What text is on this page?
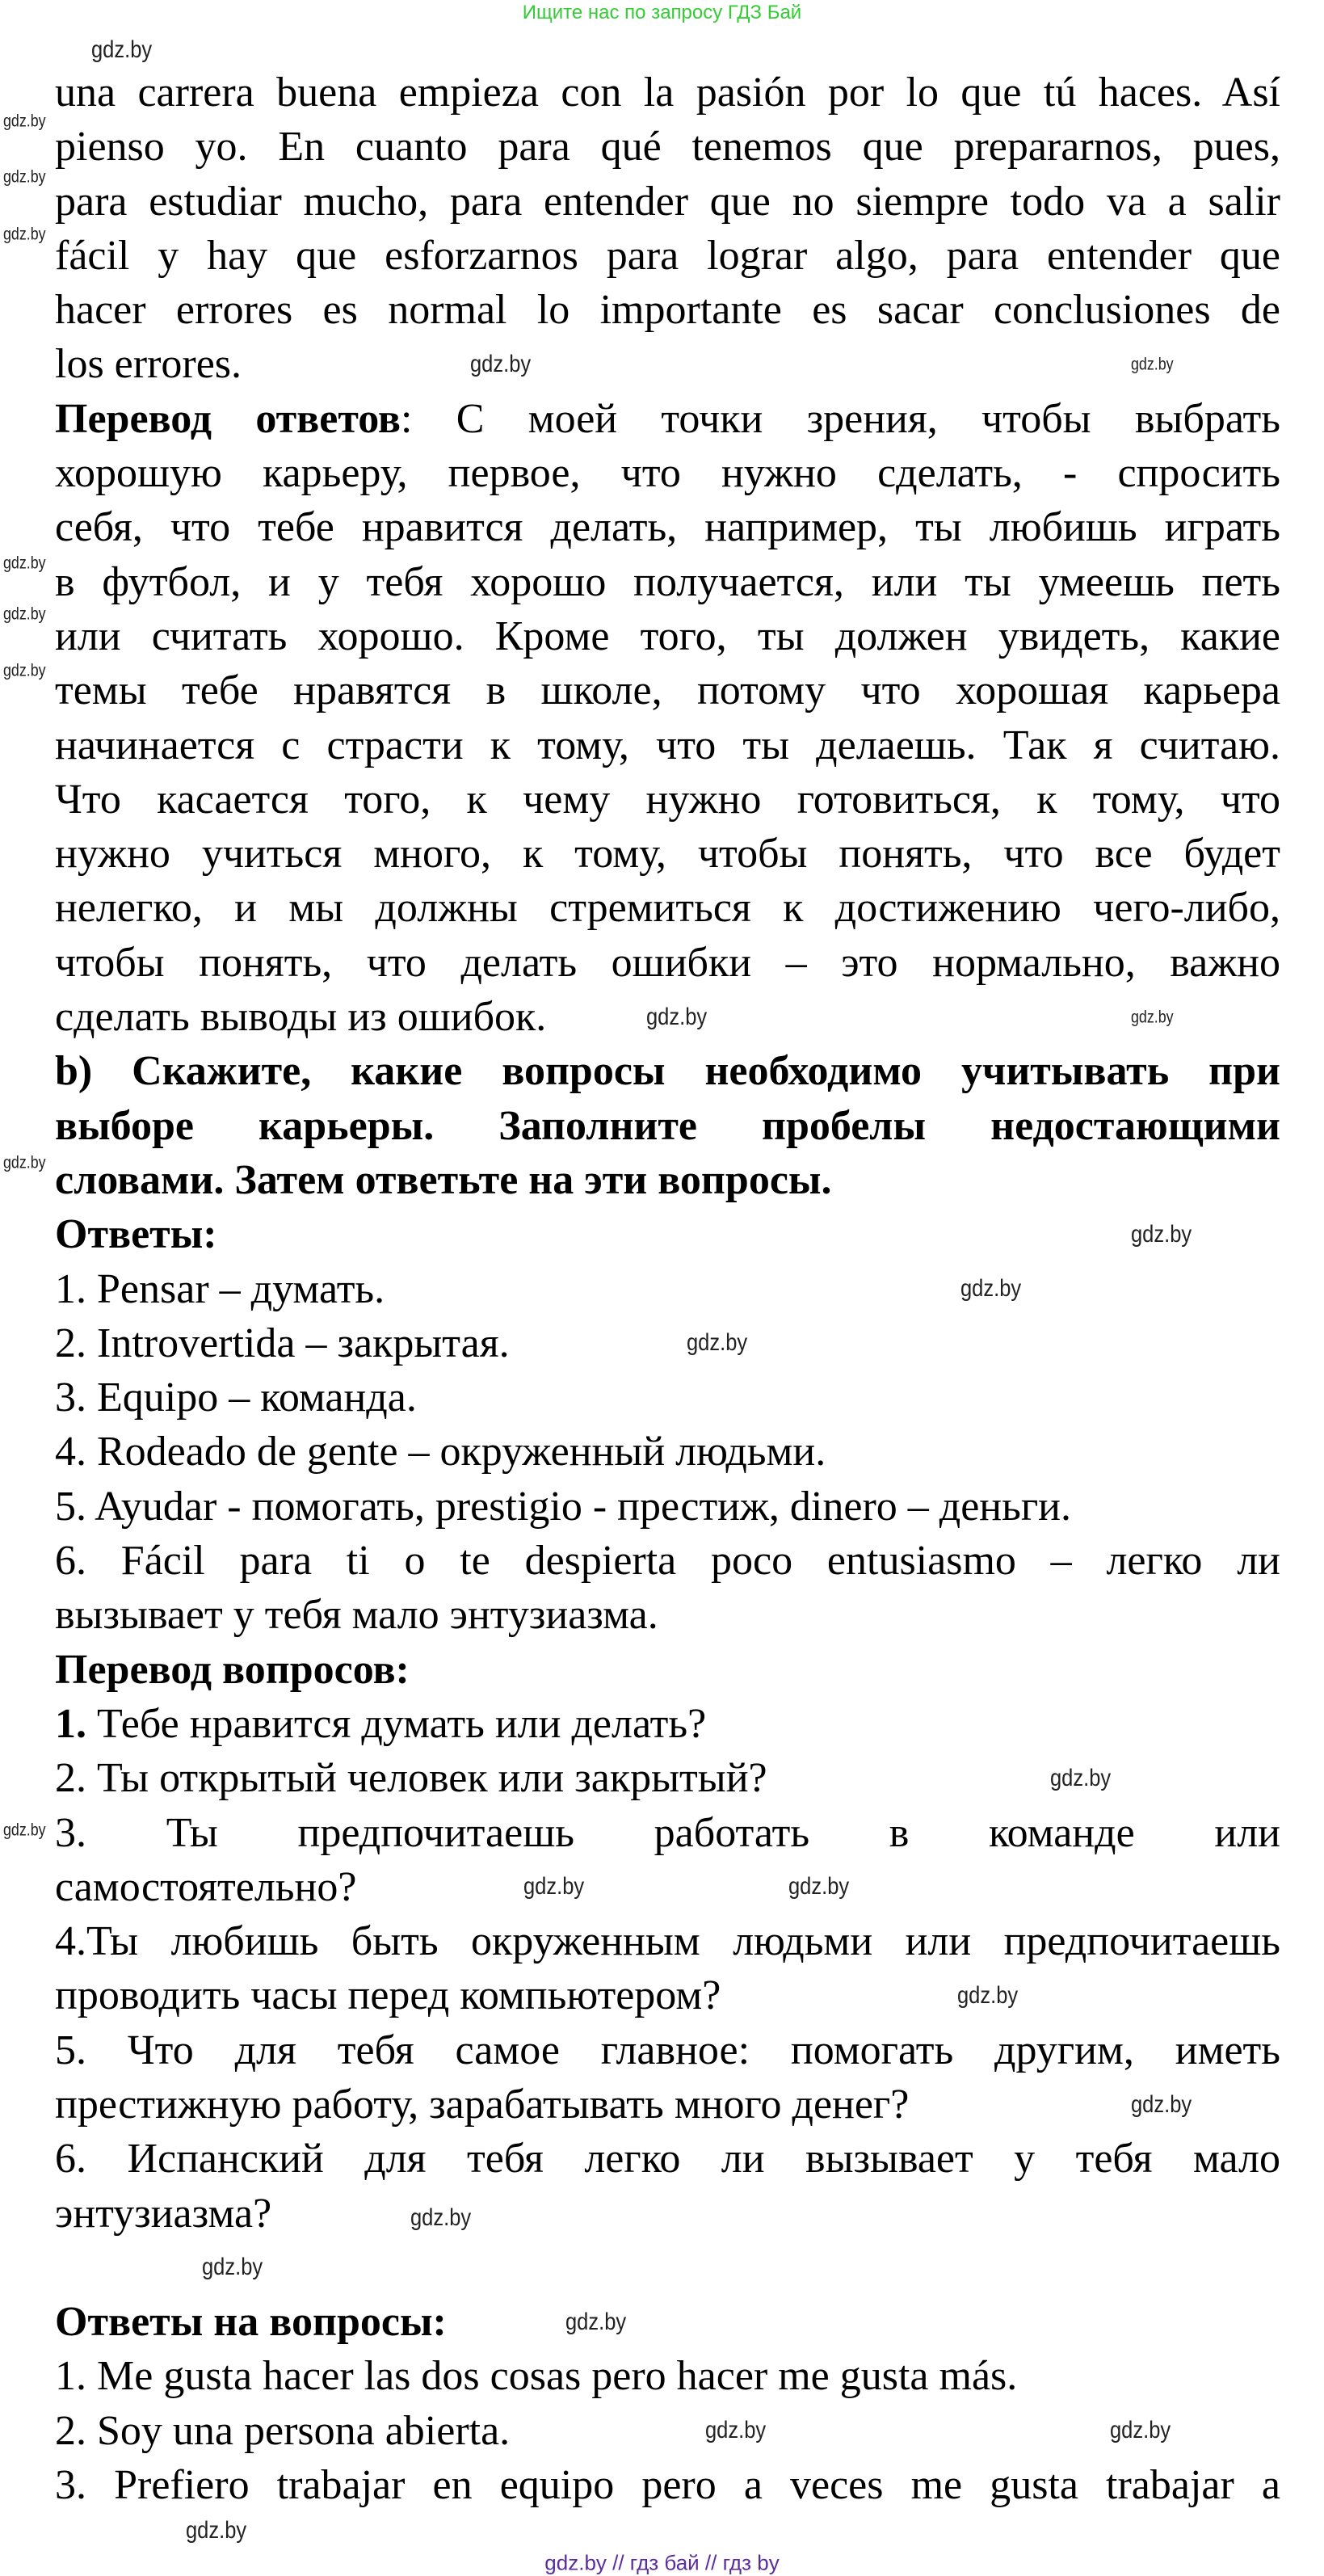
Ищите нас по запросу ГДЗ Бай
una carrera buena empieza con la pasión por lo que tú haces. Así
pienso yo. En cuanto para qué tenemos que prepararnos, pues,
para estudiar mucho, para entender que no siempre todo va a salir
fácil y hay que esforzarnos para lograr algo, para entender que
hacer errores es normal lo importante es sacar conclusiones de
los errores.
Перевод ответов: С моей точки зрения, чтобы выбрать
хорошую карьеру, первое, что нужно сделать, - спросить
себя, что тебе нравится делать, например, ты любишь играть
в футбол, и у тебя хорошо получается, или ты умеешь петь
или считать хорошо. Кроме того, ты должен увидеть, какие
темы тебе нравятся в школе, потому что хорошая карьера
начинается с страсти к тому, что ты делаешь. Так я считаю.
Что касается того, к чему нужно готовиться, к тому, что
нужно учиться много, к тому, чтобы понять, что все будет
нелегко, и мы должны стремиться к достижению чего-либо,
чтобы понять, что делать ошибки – это нормально, важно
сделать выводы из ошибок.
b) Скажите, какие вопросы необходимо учитывать при
выборе карьеры. Заполните пробелы недостающими
словами. Затем ответьте на эти вопросы.
Ответы:
1. Pensar – думать.
2. Introvertida – закрытая.
3. Equipo – команда.
4. Rodeado de gente – окруженный людьми.
5. Ayudar - помогать, prestigio - престиж, dinero – деньги.
6. Fácil para ti o te despierta poco entusiasmo – легко ли
вызывает у тебя мало энтузиазма.
Перевод вопросов:
1. Тебе нравится думать или делать?
2. Ты открытый человек или закрытый?
3. Ты предпочитаешь работать в команде или
самостоятельно?
4.Ты любишь быть окруженным людьми или предпочитаешь
проводить часы перед компьютером?
5. Что для тебя самое главное: помогать другим, иметь
престижную работу, зарабатывать много денег?
6. Испанский для тебя легко ли вызывает у тебя мало
энтузиазма?
Ответы на вопросы:
1. Me gusta hacer las dos cosas pero hacer me gusta más.
2. Soy una persona abierta.
3. Prefiero trabajar en equipo pero a veces me gusta trabajar a
gdz.by
gdz.by
gdz.by
gdz.by
gdz.by	gdz.by
gdz.by
gdz.by
gdz.by
gdz.by
gdz.by
gdz.by
gdz.by
gdz.by
gdz.by
gdz.by
gdz.by
gdz.by
gdz.by
gdz.by
gdz.by
gdz.by
gdz.by
gdz.by
gdz.by
gdz.by
gdz.by
gdz.by // гдз бай // гдз by
